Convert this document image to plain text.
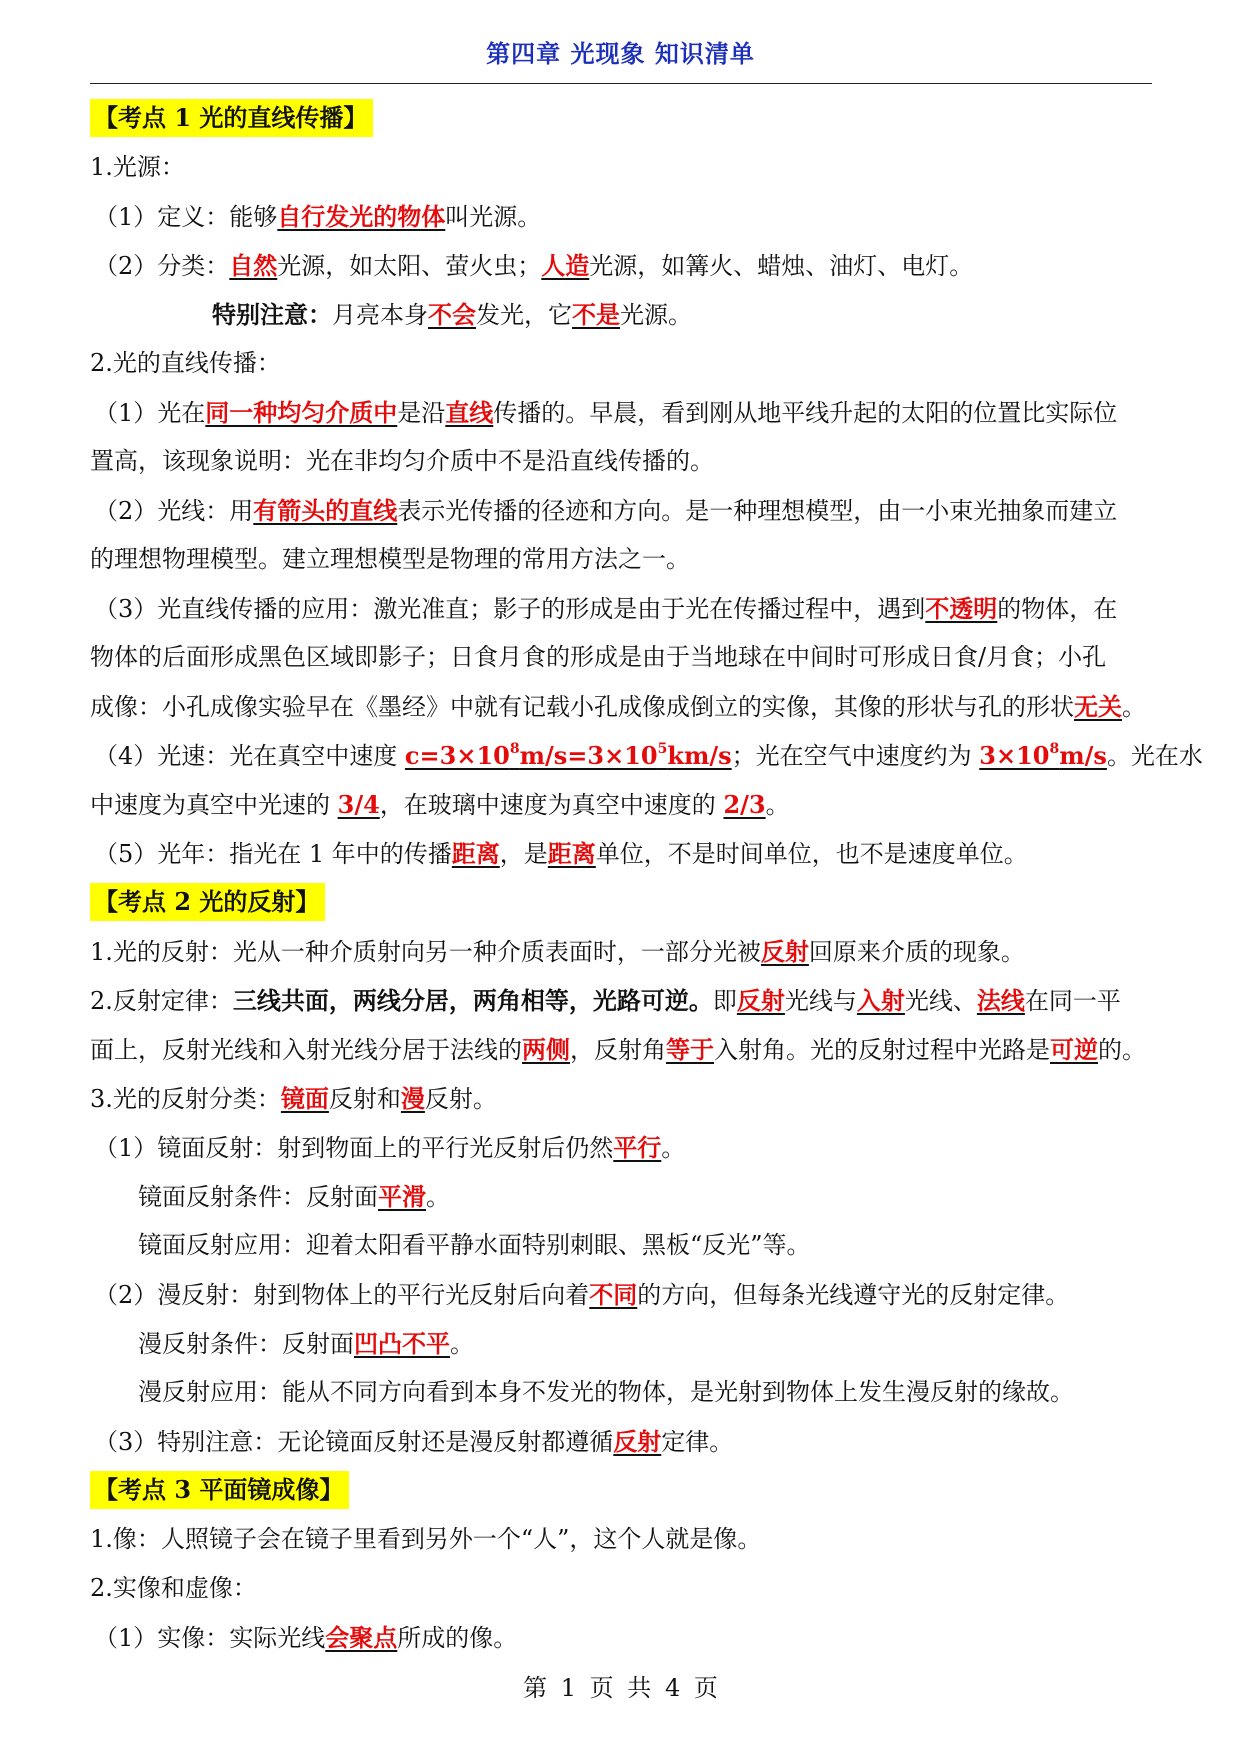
第四章 光现象 知识清单
【考点 1 光的直线传播】
1.光源：
（1）定义：能够自行发光的物体叫光源。
（2）分类：自然光源，如太阳、萤火虫；人造光源，如篝火、蜡烛、油灯、电灯。
特别注意：月亮本身不会发光，它不是光源。
2.光的直线传播：
（1）光在同一种均匀介质中是沿直线传播的。早晨，看到刚从地平线升起的太阳的位置比实际位
置高，该现象说明：光在非均匀介质中不是沿直线传播的。
（2）光线：用有箭头的直线表示光传播的径迹和方向。是一种理想模型，由一小束光抽象而建立
的理想物理模型。建立理想模型是物理的常用方法之一。
（3）光直线传播的应用：激光准直；影子的形成是由于光在传播过程中，遇到不透明的物体，在
物体的后面形成黑色区域即影子；日食月食的形成是由于当地球在中间时可形成日食/月食；小孔
成像：小孔成像实验早在《墨经》中就有记载小孔成像成倒立的实像，其像的形状与孔的形状无关。
（4）光速：光在真空中速度 $c=3\times 10^8m/s=3\times 10^5km/s$；光在空气中速度约为 $3\times 10^8m/s$。光在水
中速度为真空中光速的 3/4，在玻璃中速度为真空中速度的 2/3。
（5）光年：指光在 1 年中的传播距离，是距离单位，不是时间单位，也不是速度单位。
【考点 2 光的反射】
1.光的反射：光从一种介质射向另一种介质表面时，一部分光被反射回原来介质的现象。
2.反射定律：三线共面，两线分居，两角相等，光路可逆。即反射光线与入射光线、法线在同一平
面上，反射光线和入射光线分居于法线的两侧，反射角等于入射角。光的反射过程中光路是可逆的。
3.光的反射分类：镜面反射和漫反射。
（1）镜面反射：射到物面上的平行光反射后仍然平行。
镜面反射条件：反射面平滑。
镜面反射应用：迎着太阳看平静水面特别刺眼、黑板“反光”等。
（2）漫反射：射到物体上的平行光反射后向着不同的方向，但每条光线遵守光的反射定律。
漫反射条件：反射面凹凸不平。
漫反射应用：能从不同方向看到本身不发光的物体，是光射到物体上发生漫反射的缘故。
（3）特别注意：无论镜面反射还是漫反射都遵循反射定律。
【考点 3 平面镜成像】
1.像：人照镜子会在镜子里看到另外一个“人”，这个人就是像。
2.实像和虚像：
（1）实像：实际光线会聚点所成的像。
第 1 页 共 4 页
